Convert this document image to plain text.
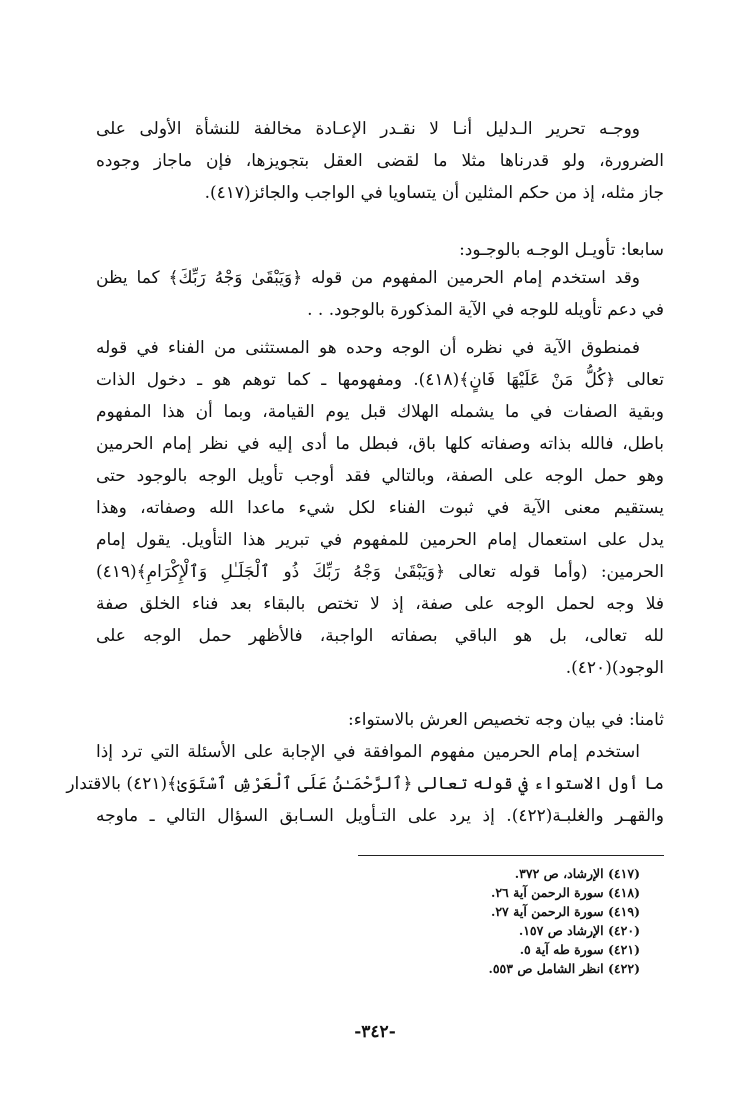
ووجـه تحرير الـدليل أنـا لا نقـدر الإعـادة مخالفة للنشأة الأولى على
الضرورة، ولو قدرناها مثلا ما لقضى العقل بتجويزها، فإن ماجاز وجوده
جاز مثله، إذ من حكم المثلين أن يتساويا في الواجب والجائز(٤١٧).
سابعا: تأويـل الوجـه بالوجـود:
وقد استخدم إمام الحرمين المفهوم من قوله ﴿وَيَبْقَىٰ وَجْهُ رَبِّكَ﴾ كما يظن
في دعم تأويله للوجه في الآية المذكورة بالوجود. . .
فمنطوق الآية في نظره أن الوجه وحده هو المستثنى من الفناء في قوله
تعالى ﴿كُلُّ مَنْ عَلَيْهَا فَانٍ﴾(٤١٨). ومفهومها ـ كما توهم هو ـ دخول الذات
وبقية الصفات في ما يشمله الهلاك قبل يوم القيامة، وبما أن هذا المفهوم
باطل، فالله بذاته وصفاته كلها باق، فبطل ما أدى إليه في نظر إمام الحرمين
وهو حمل الوجه على الصفة، وبالتالي فقد أوجب تأويل الوجه بالوجود حتى
يستقيم معنى الآية في ثبوت الفناء لكل شيء ماعدا الله وصفاته، وهذا
يدل على استعمال إمام الحرمين للمفهوم في تبرير هذا التأويل. يقول إمام
الحرمين: (وأما قوله تعالى ﴿وَيَبْقَىٰ وَجْهُ رَبِّكَ ذُو ٱلْجَلَـٰلِ وَٱلْإِكْرَامِ﴾(٤١٩)
فلا وجه لحمل الوجه على صفة، إذ لا تختص بالبقاء بعد فناء الخلق صفة
لله تعالى، بل هو الباقي بصفاته الواجبة، فالأظهر حمل الوجه على
الوجود)(٤٢٠).
ثامنا: في بيان وجه تخصيص العرش بالاستواء:
استخدم إمام الحرمين مفهوم الموافقة في الإجابة على الأسئلة التي ترد إذا
ما أول الاستواء في قوله تعالى ﴿ٱلرَّحْمَـٰنُ عَلَى ٱلْعَرْشِ ٱسْتَوَىٰ﴾(٤٢١) بالاقتدار
والقهـر والغلبـة(٤٢٢). إذ يرد على التـأويل السـابق السؤال التالي ـ ماوجه
(٤١٧) الإرشاد، ص ٣٧٢.
(٤١٨) سورة الرحمن آية ٢٦.
(٤١٩) سورة الرحمن آية ٢٧.
(٤٢٠) الإرشاد ص ١٥٧.
(٤٢١) سورة طه آية ٥.
(٤٢٢) انظر الشامل ص ٥٥٣.
-٣٤٢-
